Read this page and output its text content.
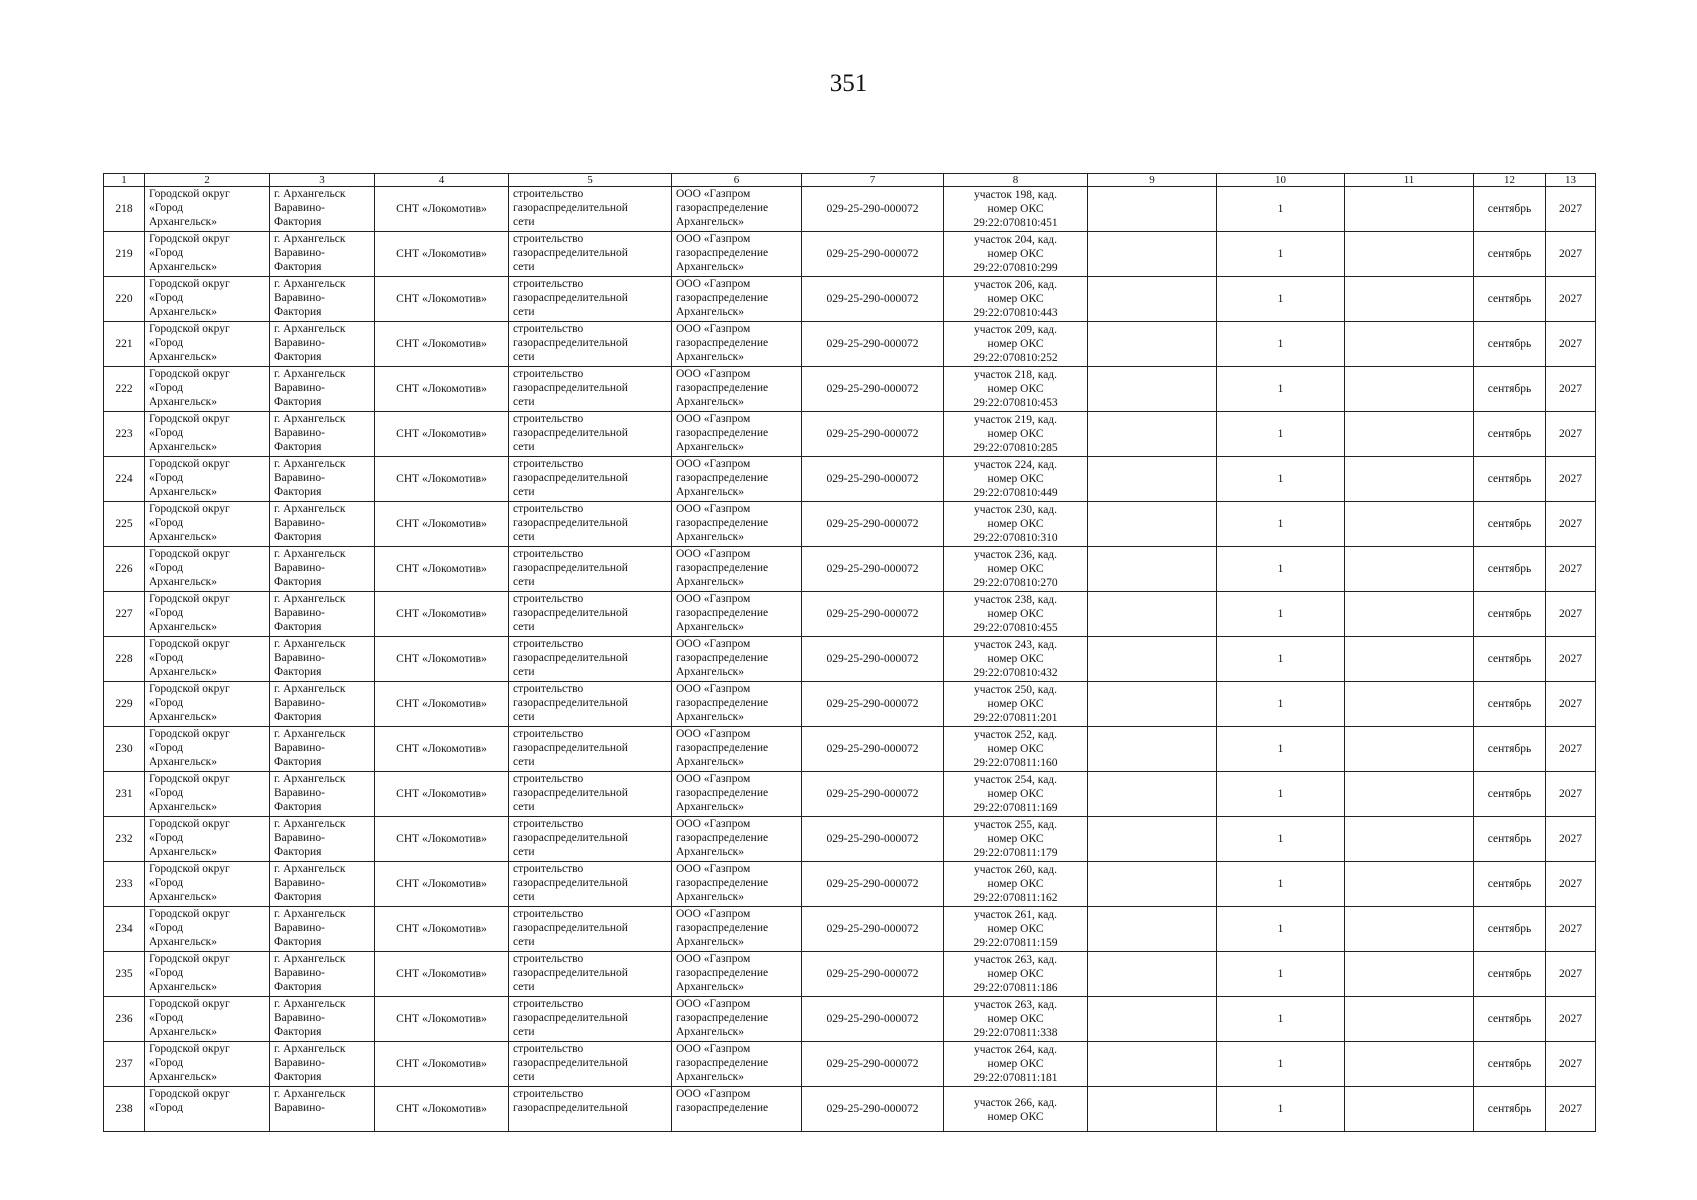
351
1	2	3	4	5	6	7	8	9	10	11	12	13
218	Городской округ
«Город
Архангельск»	г. Архангельск
Варавино-
Фактория	СНТ «Локомотив»	строительство
газораспределительной
сети	ООО «Газпром
газораспределение
Архангельск»	029-25-290-000072	участок 198, кад.
номер ОКС
29:22:070810:451		1		сентябрь	2027
219	Городской округ
«Город
Архангельск»	г. Архангельск
Варавино-
Фактория	СНТ «Локомотив»	строительство
газораспределительной
сети	ООО «Газпром
газораспределение
Архангельск»	029-25-290-000072	участок 204, кад.
номер ОКС
29:22:070810:299		1		сентябрь	2027
220	Городской округ
«Город
Архангельск»	г. Архангельск
Варавино-
Фактория	СНТ «Локомотив»	строительство
газораспределительной
сети	ООО «Газпром
газораспределение
Архангельск»	029-25-290-000072	участок 206, кад.
номер ОКС
29:22:070810:443		1		сентябрь	2027
221	Городской округ
«Город
Архангельск»	г. Архангельск
Варавино-
Фактория	СНТ «Локомотив»	строительство
газораспределительной
сети	ООО «Газпром
газораспределение
Архангельск»	029-25-290-000072	участок 209, кад.
номер ОКС
29:22:070810:252		1		сентябрь	2027
222	Городской округ
«Город
Архангельск»	г. Архангельск
Варавино-
Фактория	СНТ «Локомотив»	строительство
газораспределительной
сети	ООО «Газпром
газораспределение
Архангельск»	029-25-290-000072	участок 218, кад.
номер ОКС
29:22:070810:453		1		сентябрь	2027
223	Городской округ
«Город
Архангельск»	г. Архангельск
Варавино-
Фактория	СНТ «Локомотив»	строительство
газораспределительной
сети	ООО «Газпром
газораспределение
Архангельск»	029-25-290-000072	участок 219, кад.
номер ОКС
29:22:070810:285		1		сентябрь	2027
224	Городской округ
«Город
Архангельск»	г. Архангельск
Варавино-
Фактория	СНТ «Локомотив»	строительство
газораспределительной
сети	ООО «Газпром
газораспределение
Архангельск»	029-25-290-000072	участок 224, кад.
номер ОКС
29:22:070810:449		1		сентябрь	2027
225	Городской округ
«Город
Архангельск»	г. Архангельск
Варавино-
Фактория	СНТ «Локомотив»	строительство
газораспределительной
сети	ООО «Газпром
газораспределение
Архангельск»	029-25-290-000072	участок 230, кад.
номер ОКС
29:22:070810:310		1		сентябрь	2027
226	Городской округ
«Город
Архангельск»	г. Архангельск
Варавино-
Фактория	СНТ «Локомотив»	строительство
газораспределительной
сети	ООО «Газпром
газораспределение
Архангельск»	029-25-290-000072	участок 236, кад.
номер ОКС
29:22:070810:270		1		сентябрь	2027
227	Городской округ
«Город
Архангельск»	г. Архангельск
Варавино-
Фактория	СНТ «Локомотив»	строительство
газораспределительной
сети	ООО «Газпром
газораспределение
Архангельск»	029-25-290-000072	участок 238, кад.
номер ОКС
29:22:070810:455		1		сентябрь	2027
228	Городской округ
«Город
Архангельск»	г. Архангельск
Варавино-
Фактория	СНТ «Локомотив»	строительство
газораспределительной
сети	ООО «Газпром
газораспределение
Архангельск»	029-25-290-000072	участок 243, кад.
номер ОКС
29:22:070810:432		1		сентябрь	2027
229	Городской округ
«Город
Архангельск»	г. Архангельск
Варавино-
Фактория	СНТ «Локомотив»	строительство
газораспределительной
сети	ООО «Газпром
газораспределение
Архангельск»	029-25-290-000072	участок 250, кад.
номер ОКС
29:22:070811:201		1		сентябрь	2027
230	Городской округ
«Город
Архангельск»	г. Архангельск
Варавино-
Фактория	СНТ «Локомотив»	строительство
газораспределительной
сети	ООО «Газпром
газораспределение
Архангельск»	029-25-290-000072	участок 252, кад.
номер ОКС
29:22:070811:160		1		сентябрь	2027
231	Городской округ
«Город
Архангельск»	г. Архангельск
Варавино-
Фактория	СНТ «Локомотив»	строительство
газораспределительной
сети	ООО «Газпром
газораспределение
Архангельск»	029-25-290-000072	участок 254, кад.
номер ОКС
29:22:070811:169		1		сентябрь	2027
232	Городской округ
«Город
Архангельск»	г. Архангельск
Варавино-
Фактория	СНТ «Локомотив»	строительство
газораспределительной
сети	ООО «Газпром
газораспределение
Архангельск»	029-25-290-000072	участок 255, кад.
номер ОКС
29:22:070811:179		1		сентябрь	2027
233	Городской округ
«Город
Архангельск»	г. Архангельск
Варавино-
Фактория	СНТ «Локомотив»	строительство
газораспределительной
сети	ООО «Газпром
газораспределение
Архангельск»	029-25-290-000072	участок 260, кад.
номер ОКС
29:22:070811:162		1		сентябрь	2027
234	Городской округ
«Город
Архангельск»	г. Архангельск
Варавино-
Фактория	СНТ «Локомотив»	строительство
газораспределительной
сети	ООО «Газпром
газораспределение
Архангельск»	029-25-290-000072	участок 261, кад.
номер ОКС
29:22:070811:159		1		сентябрь	2027
235	Городской округ
«Город
Архангельск»	г. Архангельск
Варавино-
Фактория	СНТ «Локомотив»	строительство
газораспределительной
сети	ООО «Газпром
газораспределение
Архангельск»	029-25-290-000072	участок 263, кад.
номер ОКС
29:22:070811:186		1		сентябрь	2027
236	Городской округ
«Город
Архангельск»	г. Архангельск
Варавино-
Фактория	СНТ «Локомотив»	строительство
газораспределительной
сети	ООО «Газпром
газораспределение
Архангельск»	029-25-290-000072	участок 263, кад.
номер ОКС
29:22:070811:338		1		сентябрь	2027
237	Городской округ
«Город
Архангельск»	г. Архангельск
Варавино-
Фактория	СНТ «Локомотив»	строительство
газораспределительной
сети	ООО «Газпром
газораспределение
Архангельск»	029-25-290-000072	участок 264, кад.
номер ОКС
29:22:070811:181		1		сентябрь	2027

238	Городской округ
«Город	г. Архангельск
Варавино-	СНТ «Локомотив»	строительство
газораспределительной	ООО «Газпром
газораспределение	029-25-290-000072	участок 266, кад.
номер ОКС		1		сентябрь	2027
